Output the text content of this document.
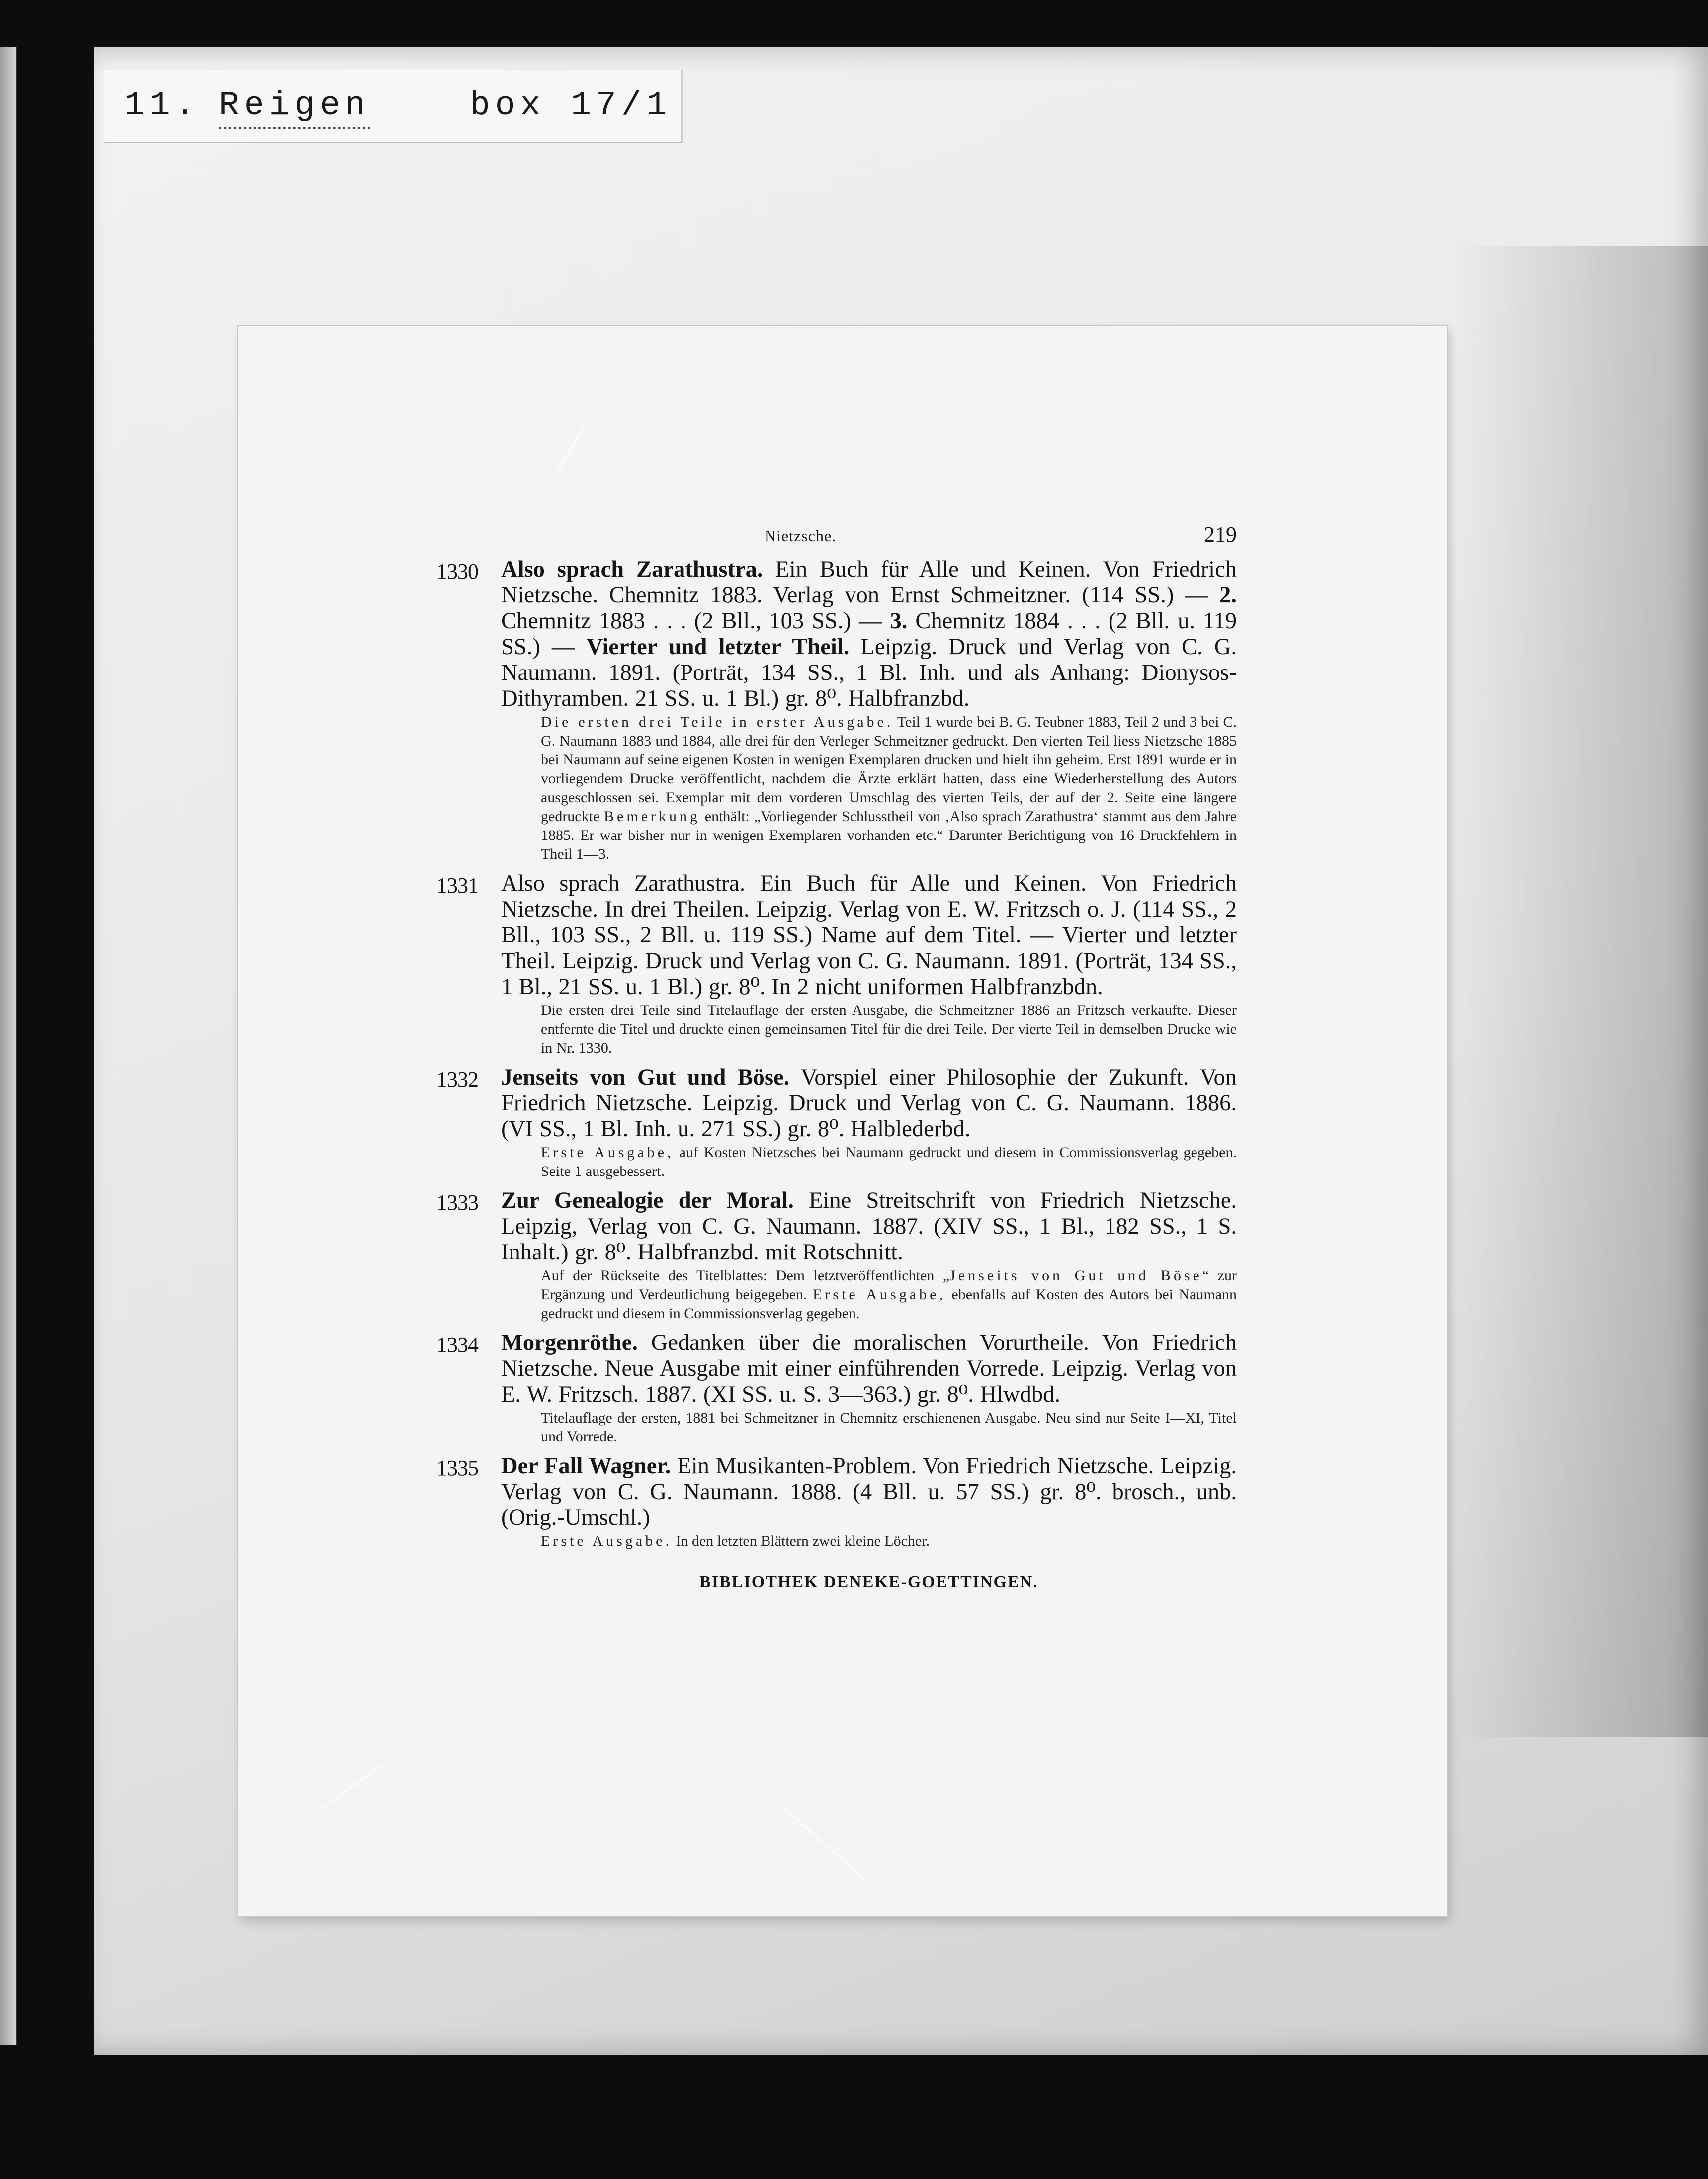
11. Reigen	box 17/1
Nietzsche.	219
1330 Also sprach Zarathustra. Ein Buch für Alle und Keinen. Von Friedrich Nietzsche. Chemnitz 1883. Verlag von Ernst Schmeitzner. (114 SS.) — 2. Chemnitz 1883 . . . (2 Bll., 103 SS.) — 3. Chemnitz 1884 . . . (2 Bll. u. 119 SS.) — Vierter und letzter Theil. Leipzig. Druck und Verlag von C. G. Naumann. 1891. (Porträt, 134 SS., 1 Bl. Inh. und als Anhang: Dionysos-Dithyramben. 21 SS. u. 1 Bl.) gr. 8⁰. Halbfranzbd.
Die ersten drei Teile in erster Ausgabe. Teil 1 wurde bei B. G. Teubner 1883, Teil 2 und 3 bei C. G. Naumann 1883 und 1884, alle drei für den Verleger Schmeitzner gedruckt. Den vierten Teil liess Nietzsche 1885 bei Naumann auf seine eigenen Kosten in wenigen Exemplaren drucken und hielt ihn geheim. Erst 1891 wurde er in vorliegendem Drucke veröffentlicht, nachdem die Ärzte erklärt hatten, dass eine Wiederherstellung des Autors ausgeschlossen sei. Exemplar mit dem vorderen Umschlag des vierten Teils, der auf der 2. Seite eine längere gedruckte Bemerkung enthält: „Vorliegender Schlusstheil von ‚Also sprach Zarathustra‘ stammt aus dem Jahre 1885. Er war bisher nur in wenigen Exemplaren vorhanden etc.“ Darunter Berichtigung von 16 Druckfehlern in Theil 1—3.
1331 Also sprach Zarathustra. Ein Buch für Alle und Keinen. Von Friedrich Nietzsche. In drei Theilen. Leipzig. Verlag von E. W. Fritzsch o. J. (114 SS., 2 Bll., 103 SS., 2 Bll. u. 119 SS.) Name auf dem Titel. — Vierter und letzter Theil. Leipzig. Druck und Verlag von C. G. Naumann. 1891. (Porträt, 134 SS., 1 Bl., 21 SS. u. 1 Bl.) gr. 8⁰. In 2 nicht uniformen Halbfranzbdn.
Die ersten drei Teile sind Titelauflage der ersten Ausgabe, die Schmeitzner 1886 an Fritzsch verkaufte. Dieser entfernte die Titel und druckte einen gemeinsamen Titel für die drei Teile. Der vierte Teil in demselben Drucke wie in Nr. 1330.
1332 Jenseits von Gut und Böse. Vorspiel einer Philosophie der Zukunft. Von Friedrich Nietzsche. Leipzig. Druck und Verlag von C. G. Naumann. 1886. (VI SS., 1 Bl. Inh. u. 271 SS.) gr. 8⁰. Halblederbd.
Erste Ausgabe, auf Kosten Nietzsches bei Naumann gedruckt und diesem in Commissionsverlag gegeben. Seite 1 ausgebessert.
1333 Zur Genealogie der Moral. Eine Streitschrift von Friedrich Nietzsche. Leipzig, Verlag von C. G. Naumann. 1887. (XIV SS., 1 Bl., 182 SS., 1 S. Inhalt.) gr. 8⁰. Halbfranzbd. mit Rotschnitt.
Auf der Rückseite des Titelblattes: Dem letztveröffentlichten „Jenseits von Gut und Böse“ zur Ergänzung und Verdeutlichung beigegeben. Erste Ausgabe, ebenfalls auf Kosten des Autors bei Naumann gedruckt und diesem in Commissionsverlag gegeben.
1334 Morgenröthe. Gedanken über die moralischen Vorurtheile. Von Friedrich Nietzsche. Neue Ausgabe mit einer einführenden Vorrede. Leipzig. Verlag von E. W. Fritzsch. 1887. (XI SS. u. S. 3—363.) gr. 8⁰. Hlwdbd.
Titelauflage der ersten, 1881 bei Schmeitzner in Chemnitz erschienenen Ausgabe. Neu sind nur Seite I—XI, Titel und Vorrede.
1335 Der Fall Wagner. Ein Musikanten-Problem. Von Friedrich Nietzsche. Leipzig. Verlag von C. G. Naumann. 1888. (4 Bll. u. 57 SS.) gr. 8⁰. brosch., unb. (Orig.-Umschl.)
Erste Ausgabe. In den letzten Blättern zwei kleine Löcher.
BIBLIOTHEK DENEKE-GOETTINGEN.
